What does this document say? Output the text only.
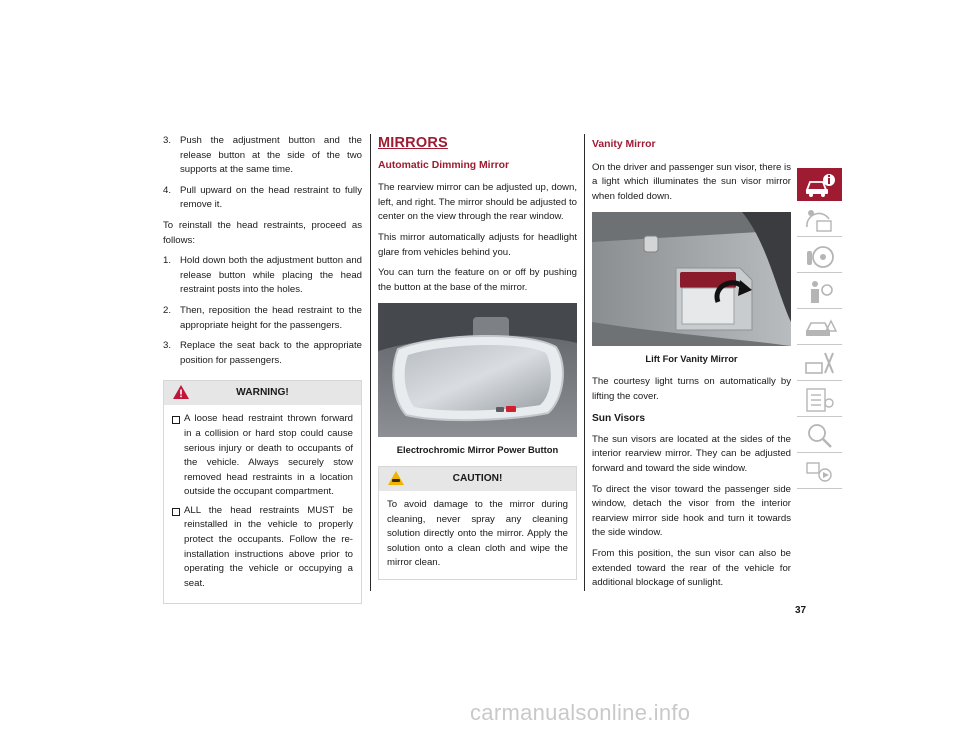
3. Push the adjustment button and the release button at the side of the two supports at the same time.
4. Pull upward on the head restraint to fully remove it.

To reinstall the head restraints, proceed as follows:

1. Hold down both the adjustment button and release button while placing the head restraint posts into the holes.
2. Then, reposition the head restraint to the appropriate height for the passengers.
3. Replace the seat back to the appropriate position for passengers.
WARNING!
A loose head restraint thrown forward in a collision or hard stop could cause serious injury or death to occupants of the vehicle. Always securely stow removed head restraints in a location outside the occupant compartment.
ALL the head restraints MUST be reinstalled in the vehicle to properly protect the occupants. Follow the re-installation instructions above prior to operating the vehicle or occupying a seat.
MIRRORS
Automatic Dimming Mirror

The rearview mirror can be adjusted up, down, left, and right. The mirror should be adjusted to center on the view through the rear window.

This mirror automatically adjusts for headlight glare from vehicles behind you.

You can turn the feature on or off by pushing the button at the base of the mirror.

Electrochromic Mirror Power Button
CAUTION!

To avoid damage to the mirror during cleaning, never spray any cleaning solution directly onto the mirror. Apply the solution onto a clean cloth and wipe the mirror clean.

Vanity Mirror

On the driver and passenger sun visor, there is a light which illuminates the sun visor mirror when folded down.

Lift For Vanity Mirror

The courtesy light turns on automatically by lifting the cover.

Sun Visors

The sun visors are located at the sides of the interior rearview mirror. They can be adjusted forward and toward the side window.

To direct the visor toward the passenger side window, detach the visor from the interior rearview mirror side hook and turn it towards the side window.

From this position, the sun visor can also be extended toward the rear of the vehicle for additional blockage of sunlight.

37
carmanualsonline.info
